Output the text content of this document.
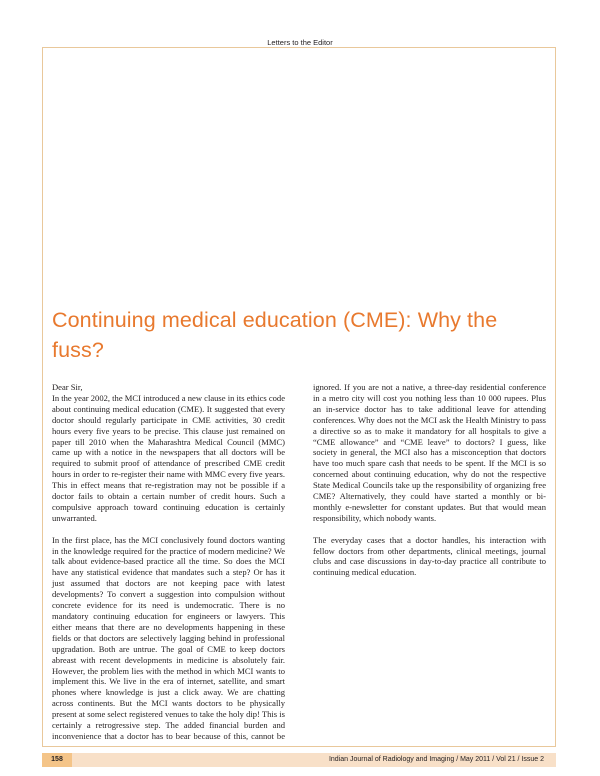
Letters to the Editor
Continuing medical education (CME): Why the fuss?
Dear Sir,

In the year 2002, the MCI introduced a new clause in its ethics code about continuing medical education (CME). It suggested that every doctor should regularly participate in CME activities, 30 credit hours every five years to be precise. This clause just remained on paper till 2010 when the Maharashtra Medical Council (MMC) came up with a notice in the newspapers that all doctors will be required to submit proof of attendance of prescribed CME credit hours in order to re-register their name with MMC every five years. This in effect means that re-registration may not be possible if a doctor fails to obtain a certain number of credit hours. Such a compulsive approach toward continuing education is certainly unwarranted.

In the first place, has the MCI conclusively found doctors wanting in the knowledge required for the practice of modern medicine? We talk about evidence-based practice all the time. So does the MCI have any statistical evidence that mandates such a step? Or has it just assumed that doctors are not keeping pace with latest developments? To convert a suggestion into compulsion without concrete evidence for its need is undemocratic. There is no mandatory continuing education for engineers or lawyers. This either means that there are no developments happening in these fields or that doctors are selectively lagging behind in professional upgradation. Both are untrue. The goal of CME to keep doctors abreast with recent developments in medicine is absolutely fair. However, the problem lies with the method in which MCI wants to implement this. We live in the era of internet, satellite, and smart phones where knowledge is just a click away. We are chatting across continents. But the MCI wants doctors to be physically present at some select registered venues to take the holy dip! This is certainly a retrogressive step. The added financial burden and inconvenience that a doctor has to bear because of this, cannot be

ignored. If you are not a native, a three-day residential conference in a metro city will cost you nothing less than 10 000 rupees. Plus an in-service doctor has to take additional leave for attending conferences. Why does not the MCI ask the Health Ministry to pass a directive so as to make it mandatory for all hospitals to give a “CME allowance” and “CME leave” to doctors? I guess, like society in general, the MCI also has a misconception that doctors have too much spare cash that needs to be spent. If the MCI is so concerned about continuing education, why do not the respective State Medical Councils take up the responsibility of organizing free CME? Alternatively, they could have started a monthly or bi-monthly e-newsletter for constant updates. But that would mean responsibility, which nobody wants.

The everyday cases that a doctor handles, his interaction with fellow doctors from other departments, clinical meetings, journal clubs and case discussions in day-to-day practice all contribute to continuing medical education.

158	Indian Journal of Radiology and Imaging / May 2011 / Vol 21 / Issue 2
